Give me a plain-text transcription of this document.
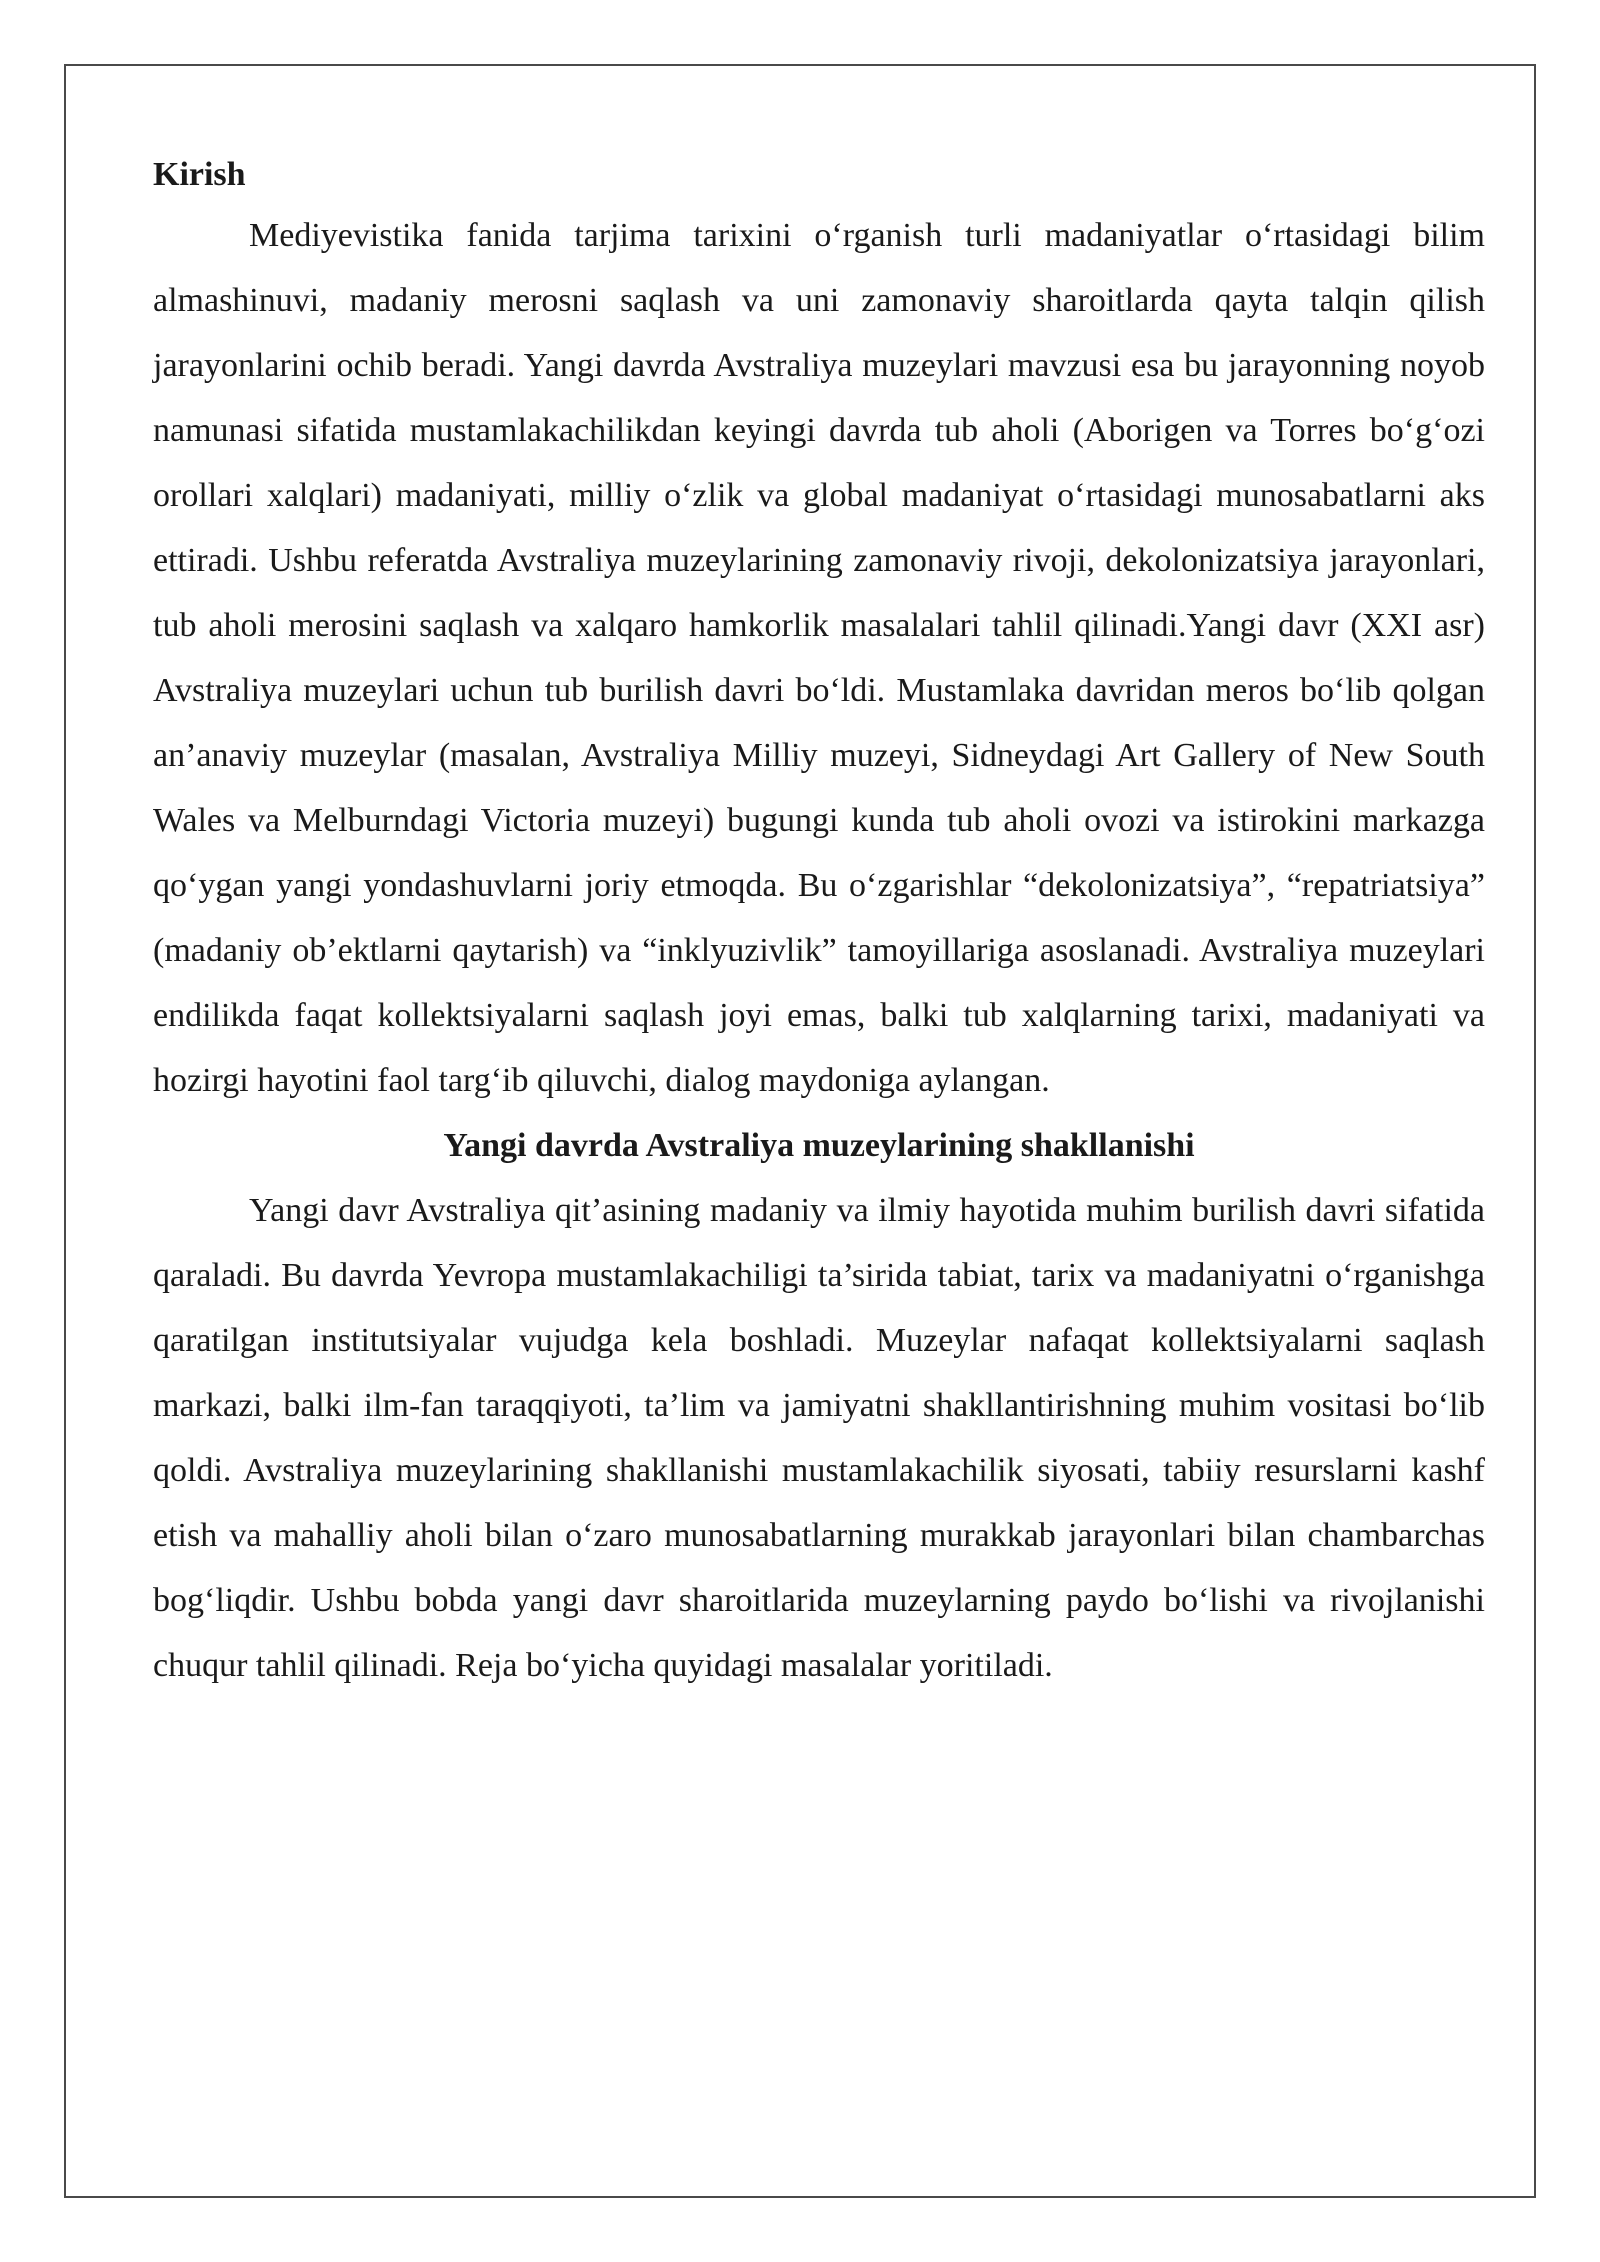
Kirish

Mediyevistika fanida tarjima tarixini o‘rganish turli madaniyatlar o‘rtasidagi bilim almashinuvi, madaniy merosni saqlash va uni zamonaviy sharoitlarda qayta talqin qilish jarayonlarini ochib beradi. Yangi davrda Avstraliya muzeylari mavzusi esa bu jarayonning noyob namunasi sifatida mustamlakachilikdan keyingi davrda tub aholi (Aborigen va Torres bo‘g‘ozi orollari xalqlari) madaniyati, milliy o‘zlik va global madaniyat o‘rtasidagi munosabatlarni aks ettiradi. Ushbu referatda Avstraliya muzeylarining zamonaviy rivoji, dekolonizatsiya jarayonlari, tub aholi merosini saqlash va xalqaro hamkorlik masalalari tahlil qilinadi.Yangi davr (XXI asr) Avstraliya muzeylari uchun tub burilish davri bo‘ldi. Mustamlaka davridan meros bo‘lib qolgan an’anaviy muzeylar (masalan, Avstraliya Milliy muzeyi, Sidneydagi Art Gallery of New South Wales va Melburndagi Victoria muzeyi) bugungi kunda tub aholi ovozi va istirokini markazga qo‘ygan yangi yondashuvlarni joriy etmoqda. Bu o‘zgarishlar “dekolonizatsiya”, “repatriatsiya” (madaniy ob’ektlarni qaytarish) va “inklyuzivlik” tamoyillariga asoslanadi. Avstraliya muzeylari endilikda faqat kollektsiyalarni saqlash joyi emas, balki tub xalqlarning tarixi, madaniyati va hozirgi hayotini faol targ‘ib qiluvchi, dialog maydoniga aylangan.

Yangi davrda Avstraliya muzeylarining shakllanishi

Yangi davr Avstraliya qit’asining madaniy va ilmiy hayotida muhim burilish davri sifatida qaraladi. Bu davrda Yevropa mustamlakachiligi ta’sirida tabiat, tarix va madaniyatni o‘rganishga qaratilgan institutsiyalar vujudga kela boshladi. Muzeylar nafaqat kollektsiyalarni saqlash markazi, balki ilm-fan taraqqiyoti, ta’lim va jamiyatni shakllantirishning muhim vositasi bo‘lib qoldi. Avstraliya muzeylarining shakllanishi mustamlakachilik siyosati, tabiiy resurslarni kashf etish va mahalliy aholi bilan o‘zaro munosabatlarning murakkab jarayonlari bilan chambarchas bog‘liqdir. Ushbu bobda yangi davr sharoitlarida muzeylarning paydo bo‘lishi va rivojlanishi chuqur tahlil qilinadi. Reja bo‘yicha quyidagi masalalar yoritiladi.
